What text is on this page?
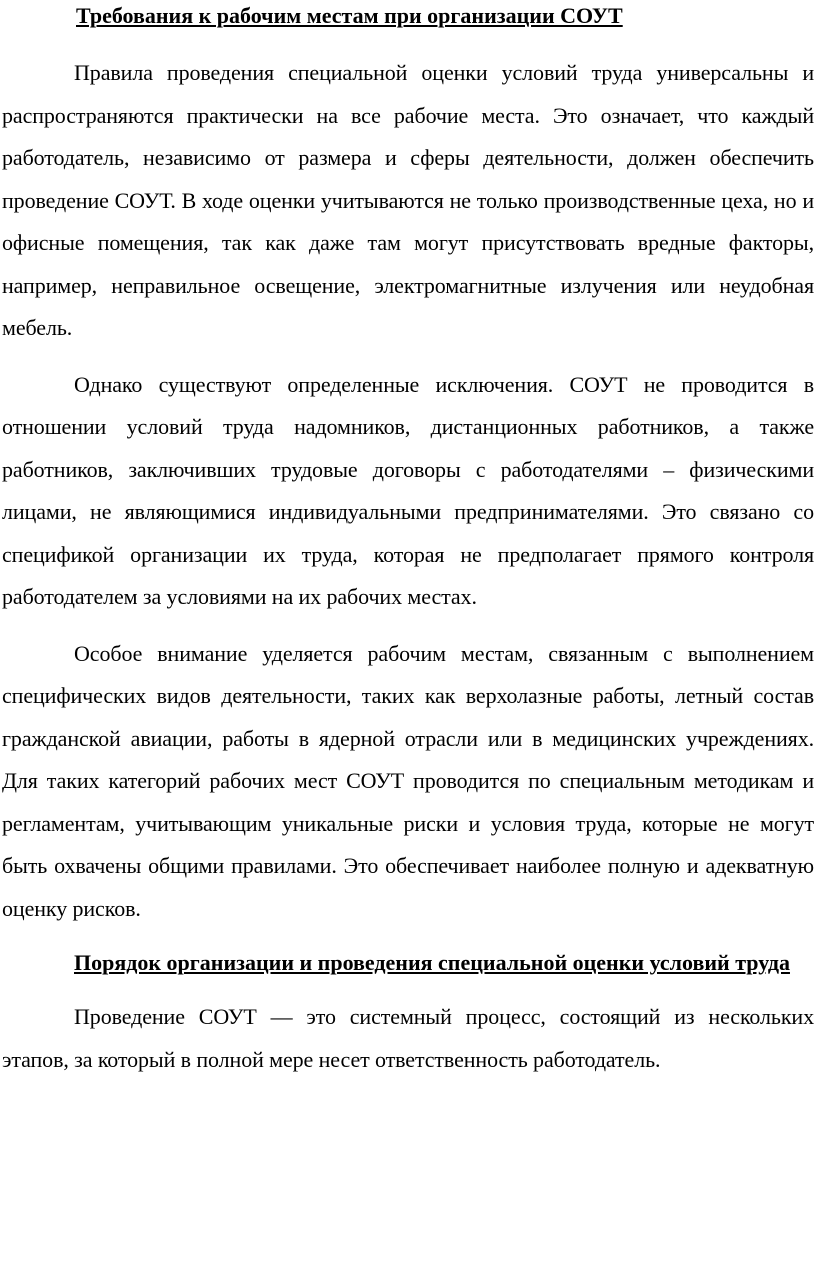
Требования к рабочим местам при организации СОУТ

Правила проведения специальной оценки условий труда универсальны и распространяются практически на все рабочие места. Это означает, что каждый работодатель, независимо от размера и сферы деятельности, должен обеспечить проведение СОУТ. В ходе оценки учитываются не только производственные цеха, но и офисные помещения, так как даже там могут присутствовать вредные факторы, например, неправильное освещение, электромагнитные излучения или неудобная мебель.

Однако существуют определенные исключения. СОУТ не проводится в отношении условий труда надомников, дистанционных работников, а также работников, заключивших трудовые договоры с работодателями – физическими лицами, не являющимися индивидуальными предпринимателями. Это связано со спецификой организации их труда, которая не предполагает прямого контроля работодателем за условиями на их рабочих местах.

Особое внимание уделяется рабочим местам, связанным с выполнением специфических видов деятельности, таких как верхолазные работы, летный состав гражданской авиации, работы в ядерной отрасли или в медицинских учреждениях. Для таких категорий рабочих мест СОУТ проводится по специальным методикам и регламентам, учитывающим уникальные риски и условия труда, которые не могут быть охвачены общими правилами. Это обеспечивает наиболее полную и адекватную оценку рисков.

Порядок организации и проведения специальной оценки условий труда

Проведение СОУТ — это системный процесс, состоящий из нескольких этапов, за который в полной мере несет ответственность работодатель.
